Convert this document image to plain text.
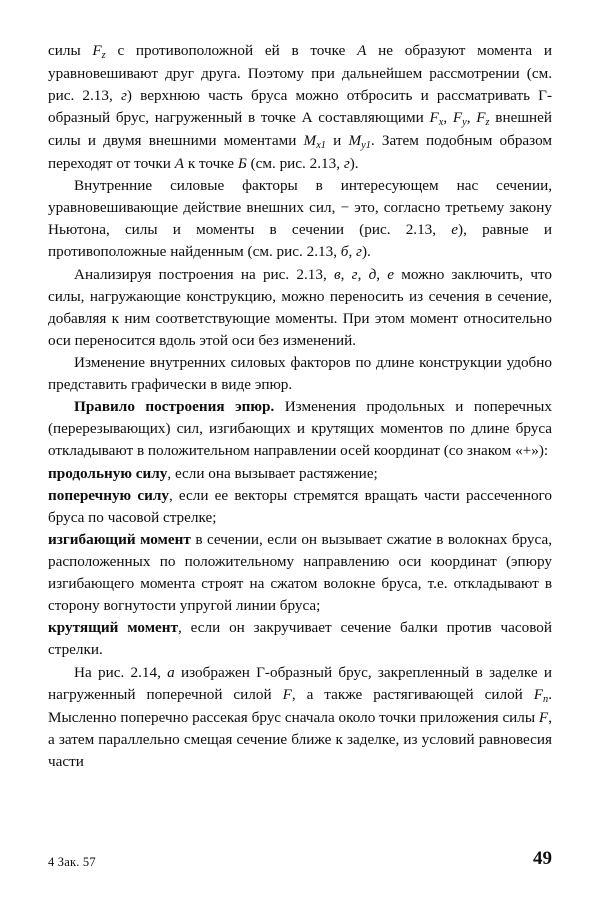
силы $F_z$ с противоположной ей в точке А не образуют момента и уравновешивают друг друга. Поэтому при дальнейшем рассмотрении (см. рис. 2.13, г) верхнюю часть бруса можно отбросить и рассматривать Г-образный брус, нагруженный в точке А составляющими $F_х$, $F_у$, $F_z$ внешней силы и двумя внешними моментами $M_х1$ и $M_у1$. Затем подобным образом переходят от точки А к точке Б (см. рис. 2.13, г).

Внутренние силовые факторы в интересующем нас сечении, уравновешивающие действие внешних сил, − это, согласно третьему закону Ньютона, силы и моменты в сечении (рис. 2.13, е), равные и противоположные найденным (см. рис. 2.13, б, г).

Анализируя построения на рис. 2.13, в, г, д, е можно заключить, что силы, нагружающие конструкцию, можно переносить из сечения в сечение, добавляя к ним соответствующие моменты. При этом момент относительно оси переносится вдоль этой оси без изменений.

Изменение внутренних силовых факторов по длине конструкции удобно представить графически в виде эпюр.

Правило построения эпюр. Изменения продольных и поперечных (перерезывающих) сил, изгибающих и крутящих моментов по длине бруса откладывают в положительном направлении осей координат (со знаком «+»):

продольную силу, если она вызывает растяжение;

поперечную силу, если ее векторы стремятся вращать части рассеченного бруса по часовой стрелке;

изгибающий момент в сечении, если он вызывает сжатие в волокнах бруса, расположенных по положительному направлению оси координат (эпюру изгибающего момента строят на сжатом волокне бруса, т.е. откладывают в сторону вогнутости упругой линии бруса;

крутящий момент, если он закручивает сечение балки против часовой стрелки.

На рис. 2.14, а изображен Г-образный брус, закрепленный в заделке и нагруженный поперечной силой F, а также растягивающей силой $F_п$. Мысленно поперечно рассекая брус сначала около точки приложения силы F, а затем параллельно смещая сечение ближе к заделке, из условий равновесия части

4 Зак. 57	49
